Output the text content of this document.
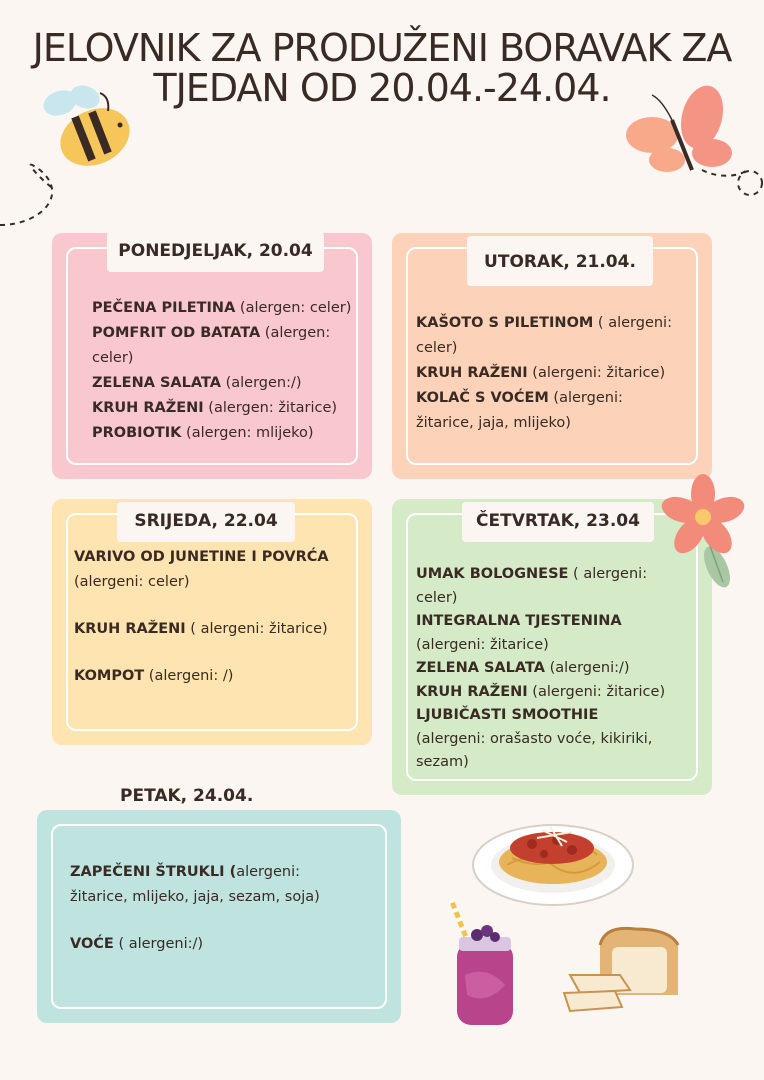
JELOVNIK ZA PRODUŽENI BORAVAK ZA
TJEDAN OD 20.04.-24.04.
PONEDJELJAK, 20.04
PEČENA PILETINA (alergen: celer)
POMFRIT OD BATATA (alergen:
celer)
ZELENA SALATA (alergen:/)
KRUH RAŽENI (alergen: žitarice)
PROBIOTIK (alergen: mlijeko)
UTORAK, 21.04.
KAŠOTO S PILETINOM ( alergeni:
celer)
KRUH RAŽENI (alergeni: žitarice)
KOLAČ S VOĆEM (alergeni:
žitarice, jaja, mlijeko)
SRIJEDA, 22.04
VARIVO OD JUNETINE I POVRĆA
(alergeni: celer)
KRUH RAŽENI ( alergeni: žitarice)
KOMPOT (alergeni: /)
ČETVRTAK, 23.04
UMAK BOLOGNESE ( alergeni:
celer)
INTEGRALNA TJESTENINA
(alergeni: žitarice)
ZELENA SALATA (alergeni:/)
KRUH RAŽENI (alergeni: žitarice)
LJUBIČASTI SMOOTHIE
(alergeni: orašasto voće, kikiriki,
sezam)
PETAK, 24.04.
ZAPEČENI ŠTRUKLI (alergeni:
žitarice, mlijeko, jaja, sezam, soja)
VOĆE ( alergeni:/)
